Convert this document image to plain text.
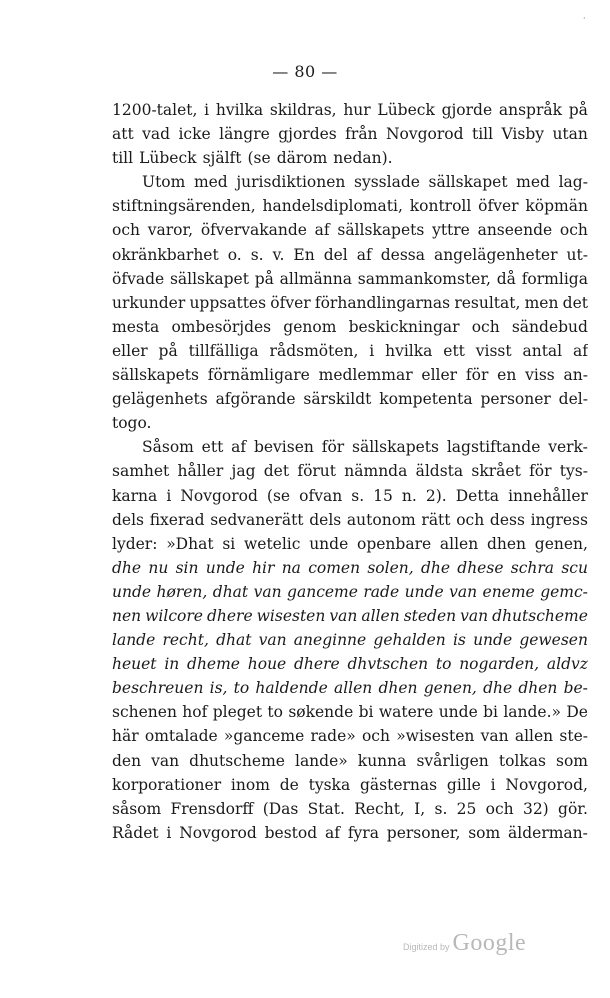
·
— 80 —
1200-talet, i hvilka skildras, hur Lübeck gjorde anspråk på
att vad icke längre gjordes från Novgorod till Visby utan
till Lübeck själft (se därom nedan).
Utom med jurisdiktionen sysslade sällskapet med lag-
stiftningsärenden, handelsdiplomati, kontroll öfver köpmän
och varor, öfvervakande af sällskapets yttre anseende och
okränkbarhet o. s. v. En del af dessa angelägenheter ut-
öfvade sällskapet på allmänna sammankomster, då formliga
urkunder uppsattes öfver förhandlingarnas resultat, men det
mesta ombesörjdes genom beskickningar och sändebud
eller på tillfälliga rådsmöten, i hvilka ett visst antal af
sällskapets förnämligare medlemmar eller för en viss an-
gelägenhets afgörande särskildt kompetenta personer del-
togo.
Såsom ett af bevisen för sällskapets lagstiftande verk-
samhet håller jag det förut nämnda äldsta skrået för tys-
karna i Novgorod (se ofvan s. 15 n. 2). Detta innehåller
dels fixerad sedvanerätt dels autonom rätt och dess ingress
lyder: »Dhat si wetelic unde openbare allen dhen genen,
dhe nu sin unde hir na comen solen, dhe dhese schra scu
unde høren, dhat van ganceme rade unde van eneme gemc-
nen wilcore dhere wisesten van allen steden van dhutscheme
lande recht, dhat van aneginne gehalden is unde gewesen
heuet in dheme houe dhere dhvtschen to nogarden, aldvz
beschreuen is, to haldende allen dhen genen, dhe dhen be-
schenen hof pleget to søkende bi watere unde bi lande.» De
här omtalade »ganceme rade» och »wisesten van allen ste-
den van dhutscheme lande» kunna svårligen tolkas som
korporationer inom de tyska gästernas gille i Novgorod,
såsom Frensdorff (Das Stat. Recht, I, s. 25 och 32) gör.
Rådet i Novgorod bestod af fyra personer, som älderman-
Digitized by Google
